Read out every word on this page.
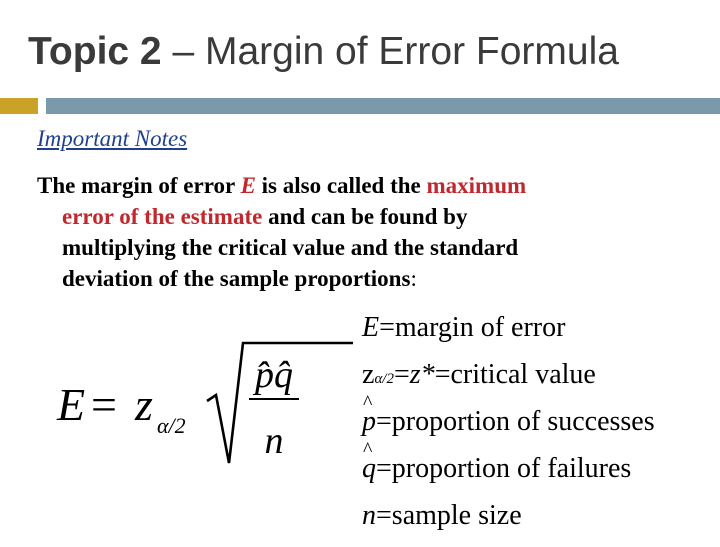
Topic 2 – Margin of Error Formula
Important Notes
The margin of error E is also called the maximum
error of the estimate and can be found by
multiplying the critical value and the standard
deviation of the sample proportions:
E = z α/2
p̂q̂
n
E = margin of error
z α/2 = z* = critical value
^ p = proportion of successes
^ q = proportion of failures
n = sample size
